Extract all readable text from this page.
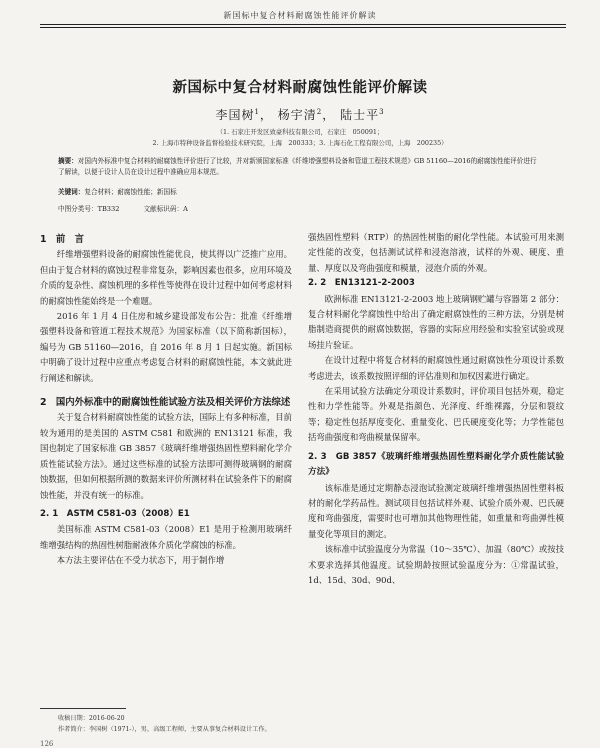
新国标中复合材料耐腐蚀性能评价解读
新国标中复合材料耐腐蚀性能评价解读
李国树$^1$， 杨宇清$^2$， 陆士平$^3$
（1. 石家庄开发区致豪科技有限公司，石家庄　050091；
2. 上海市特种设备监督检验技术研究院，上海　200333；3. 上海石化工程有限公司，上海　200235）
摘要：对国内外标准中复合材料的耐腐蚀性评价进行了比较，并对新颁国家标准《纤维增强塑料设备和管道工程技术规范》GB 51160—2016的耐腐蚀性能评价进行了解读，以便于设计人员在设计过程中准确应用本规范。
关键词：复合材料；耐腐蚀性能；新国标
中图分类号：TB332	文献标识码：A

1　前　言

纤维增强塑料设备的耐腐蚀性能优良，使其得以广泛推广应用。但由于复合材料的腐蚀过程非常复杂，影响因素也很多，应用环境及介质的复杂性、腐蚀机理的多样性等使得在设计过程中如何考虑材料的耐腐蚀性能始终是一个难题。

2016 年 1 月 4 日住房和城乡建设部发布公告：批准《纤维增强塑料设备和管道工程技术规范》为国家标准（以下简称新国标），编号为 GB 51160—2016，自 2016 年 8 月 1 日起实施。新国标中明确了设计过程中应重点考虑复合材料的耐腐蚀性能，本文就此进行阐述和解读。

2　国内外标准中的耐腐蚀性能试验方法及相关评价方法综述

关于复合材料耐腐蚀性能的试验方法，国际上有多种标准，目前较为通用的是美国的 ASTM C581 和欧洲的 EN13121 标准，我国也制定了国家标准 GB 3857《玻璃纤维增强热固性塑料耐化学介质性能试验方法》。通过这些标准的试验方法即可测得玻璃钢的耐腐蚀数据，但如何根据所测的数据来评价所测材料在试验条件下的耐腐蚀性能，并没有统一的标准。

2. 1　ASTM C581-03（2008）E1

美国标准 ASTM C581-03（2008）E1 是用于检测用玻璃纤维增强结构的热固性树脂耐液体介质化学腐蚀的标准。

本方法主要评估在不受力状态下，用于制作增

强热固性塑料（RTP）的热固性树脂的耐化学性能。本试验可用来测定性能的改变，包括测试试样和浸泡溶液，试样的外观、硬度、重量、厚度以及弯曲强度和模量，浸泡介质的外观。

2. 2　EN13121-2-2003

欧洲标准 EN13121-2-2003 地上玻璃钢贮罐与容器第 2 部分：复合材料耐化学腐蚀性中给出了确定耐腐蚀性的三种方法，分别是树脂制造商提供的耐腐蚀数据，容器的实际应用经验和实验室试验或现场挂片验证。

在设计过程中将复合材料的耐腐蚀性通过耐腐蚀性分项设计系数考虑进去，该系数按照评细的评估准则和加权因素进行确定。

在采用试验方法确定分项设计系数时，评价项目包括外观，稳定性和力学性能等。外观是指颜色、光泽度、纤维裸露，分层和裂纹等；稳定性包括厚度变化、重量变化、巴氏硬度变化等；力学性能包括弯曲强度和弯曲模量保留率。

2. 3　GB 3857《玻璃纤维增强热固性塑料耐化学介质性能试验方法》

该标准是通过定期静态浸泡试验测定玻璃纤维增强热固性塑料板材的耐化学药品性。测试项目包括试样外观、试验介质外观、巴氏硬度和弯曲强度，需要时也可增加其他物理性能，如重量和弯曲弹性模量变化等项目的测定。

该标准中试验温度分为常温（10～35℃）、加温（80℃）或按技术要求选择其他温度。试验期龄按照试验温度分为：①常温试验，1d、15d、30d、90d、

收稿日期：2016-06-20
作者简介：李国树（1971-），男，高级工程师，主要从事复合材料设计工作。
126
